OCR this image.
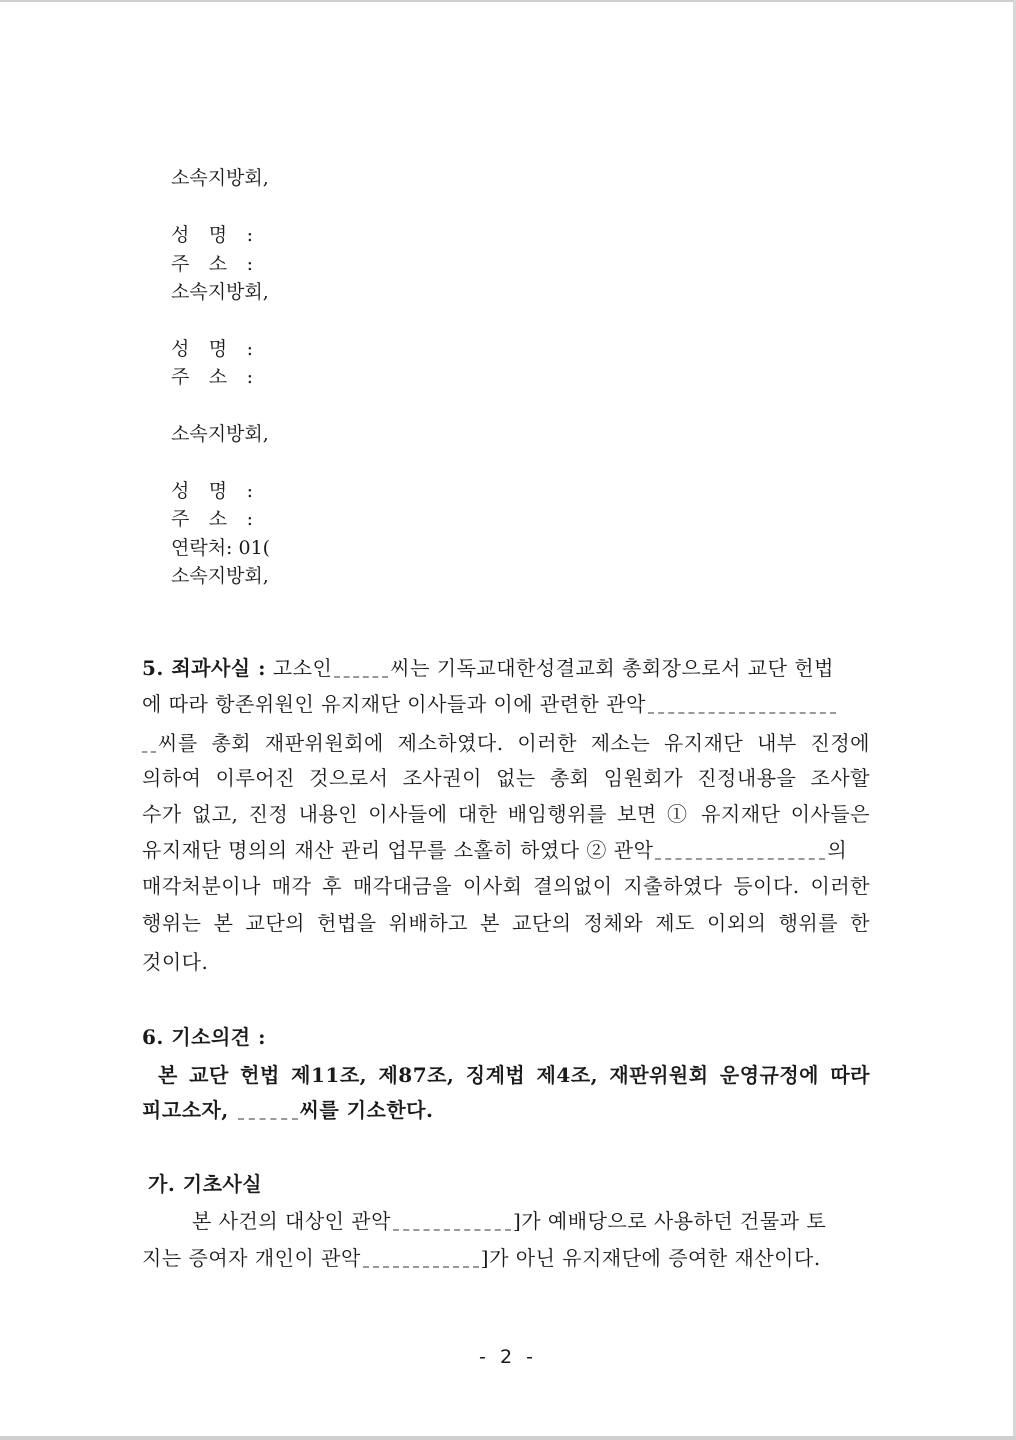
소속지방회,
성 명 :
주 소 :
소속지방회,
성 명 :
주 소 :
소속지방회,
성 명 :
주 소 :
연락처: 01(
소속지방회,
5. 죄과사실 : 고소인	씨는 기독교대한성결교회 총회장으로서 교단 헌법
에 따라 항존위원인 유지재단 이사들과 이에 관련한 관악
씨를 총회 재판위원회에 제소하였다. 이러한 제소는 유지재단 내부 진정에
의하여 이루어진 것으로서 조사권이 없는 총회 임원회가 진정내용을 조사할
수가 없고, 진정 내용인 이사들에 대한 배임행위를 보면 ① 유지재단 이사들은
유지재단 명의의 재산 관리 업무를 소홀히 하였다 ② 관악	의
매각처분이나 매각 후 매각대금을 이사회 결의없이 지출하였다 등이다. 이러한
행위는 본 교단의 헌법을 위배하고 본 교단의 정체와 제도 이외의 행위를 한
것이다.
6. 기소의견 :
본 교단 헌법 제11조, 제87조, 징계법 제4조, 재판위원회 운영규정에 따라
피고소자,	씨를 기소한다.
가. 기초사실
본 사건의 대상인 관악	]가 예배당으로 사용하던 건물과 토
지는 증여자 개인이 관악	]가 아닌 유지재단에 증여한 재산이다.
- 2 -
